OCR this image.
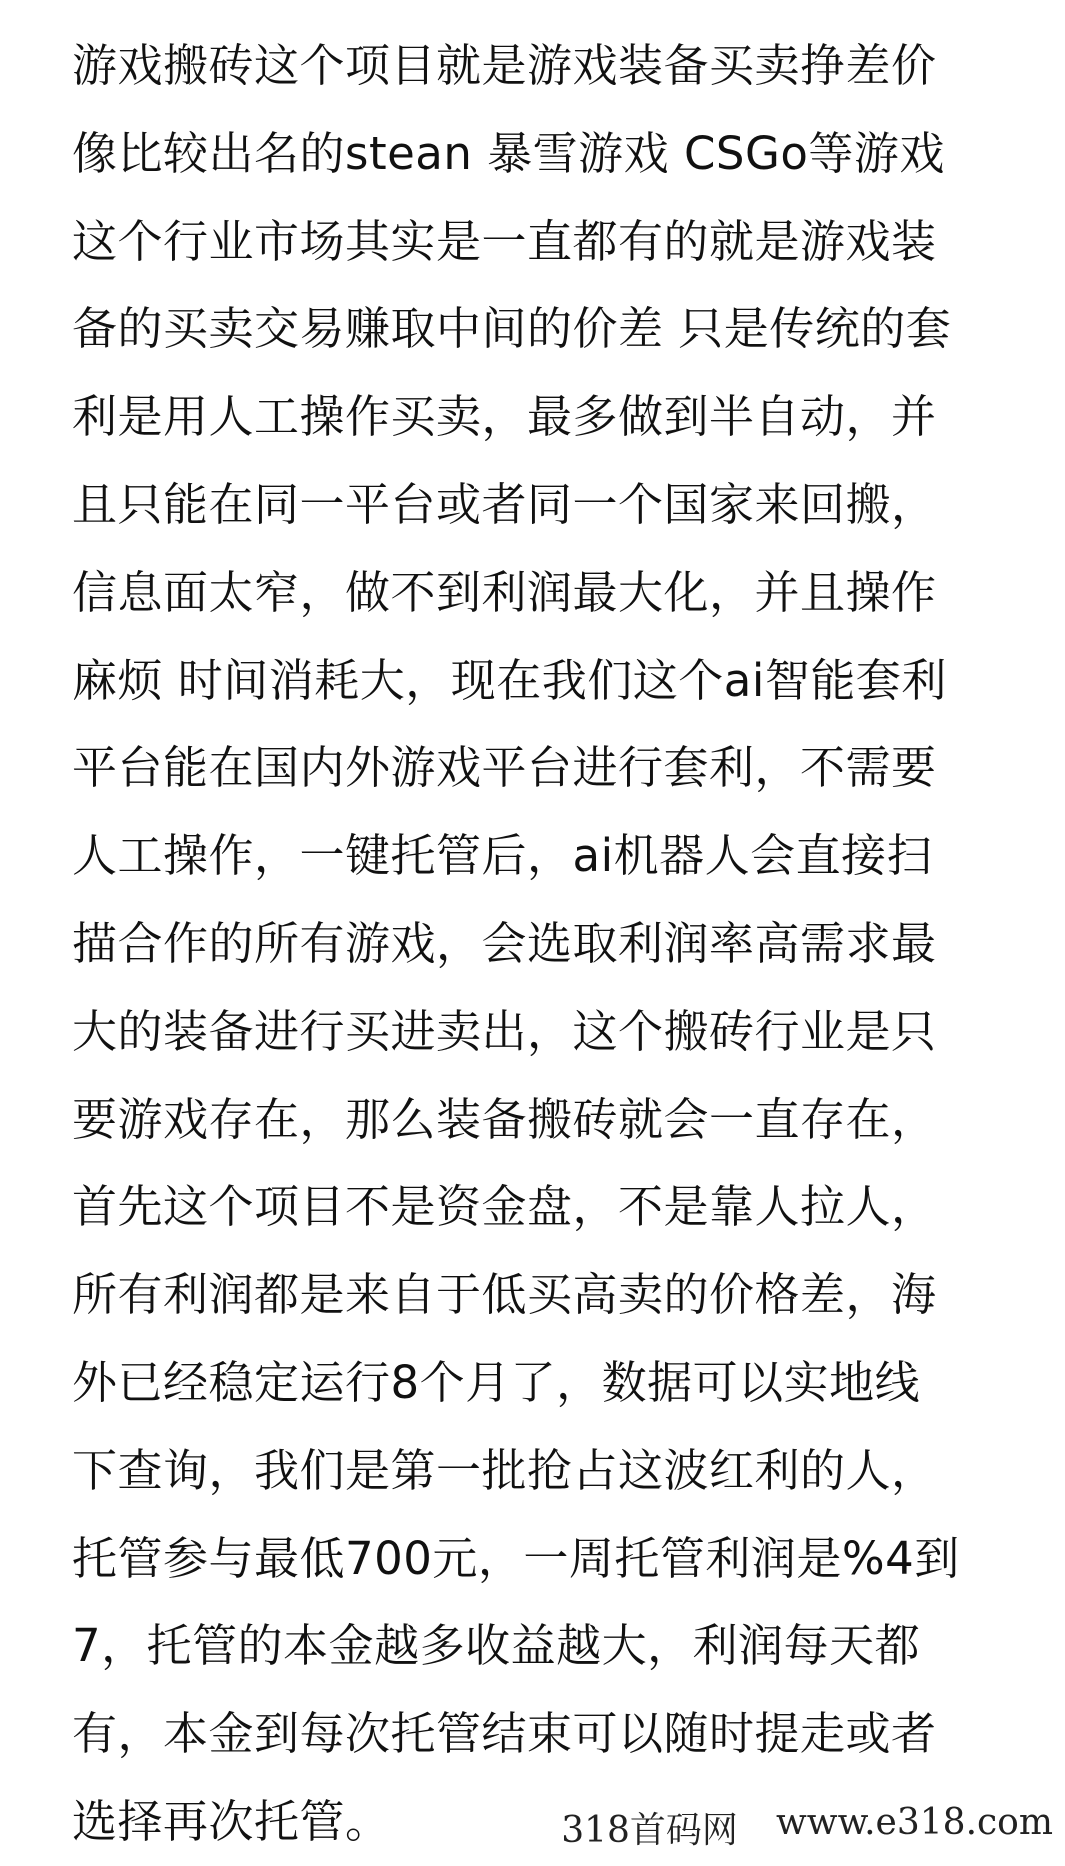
游戏搬砖这个项目就是游戏装备买卖挣差价
像比较出名的stean 暴雪游戏 CSGo等游戏
这个行业市场其实是一直都有的就是游戏装
备的买卖交易赚取中间的价差 只是传统的套
利是用人工操作买卖，最多做到半自动，并
且只能在同一平台或者同一个国家来回搬，
信息面太窄，做不到利润最大化，并且操作
麻烦 时间消耗大，现在我们这个ai智能套利
平台能在国内外游戏平台进行套利，不需要
人工操作，一键托管后，ai机器人会直接扫
描合作的所有游戏，会选取利润率高需求最
大的装备进行买进卖出，这个搬砖行业是只
要游戏存在，那么装备搬砖就会一直存在，
首先这个项目不是资金盘，不是靠人拉人，
所有利润都是来自于低买高卖的价格差，海
外已经稳定运行8个月了，数据可以实地线
下查询，我们是第一批抢占这波红利的人，
托管参与最低700元，一周托管利润是%4到
7，托管的本金越多收益越大，利润每天都
有，本金到每次托管结束可以随时提走或者
选择再次托管。	318首码网 www.e318.com
